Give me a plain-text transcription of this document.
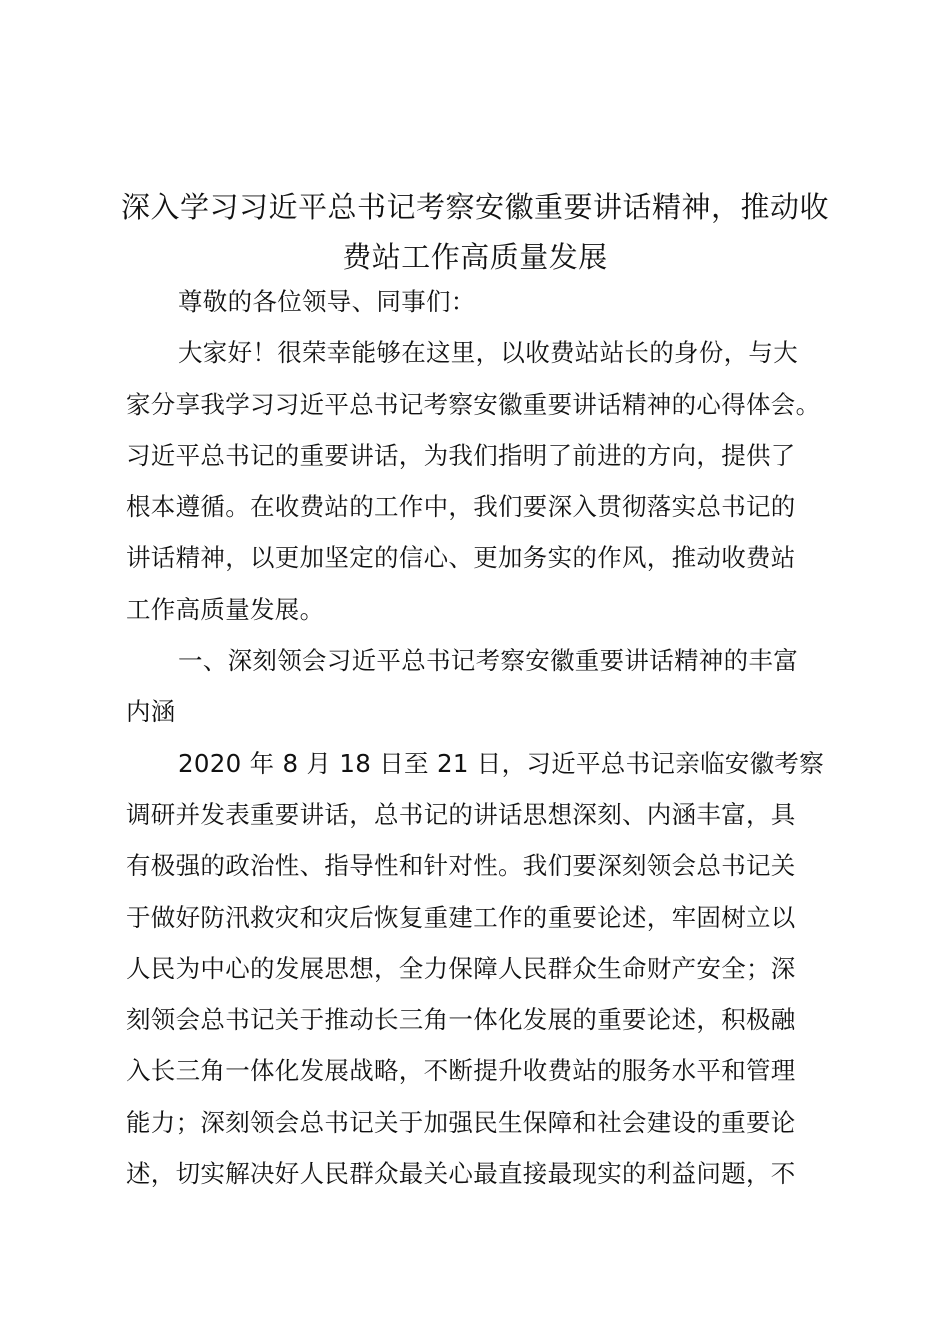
深入学习习近平总书记考察安徽重要讲话精神，推动收
费站工作高质量发展
尊敬的各位领导、同事们：
大家好！很荣幸能够在这里，以收费站站长的身份，与大
家分享我学习习近平总书记考察安徽重要讲话精神的心得体会。
习近平总书记的重要讲话，为我们指明了前进的方向，提供了
根本遵循。在收费站的工作中，我们要深入贯彻落实总书记的
讲话精神，以更加坚定的信心、更加务实的作风，推动收费站
工作高质量发展。
一、深刻领会习近平总书记考察安徽重要讲话精神的丰富
内涵
2020 年 8 月 18 日至 21 日，习近平总书记亲临安徽考察
调研并发表重要讲话，总书记的讲话思想深刻、内涵丰富，具
有极强的政治性、指导性和针对性。我们要深刻领会总书记关
于做好防汛救灾和灾后恢复重建工作的重要论述，牢固树立以
人民为中心的发展思想，全力保障人民群众生命财产安全；深
刻领会总书记关于推动长三角一体化发展的重要论述，积极融
入长三角一体化发展战略，不断提升收费站的服务水平和管理
能力；深刻领会总书记关于加强民生保障和社会建设的重要论
述，切实解决好人民群众最关心最直接最现实的利益问题，不
